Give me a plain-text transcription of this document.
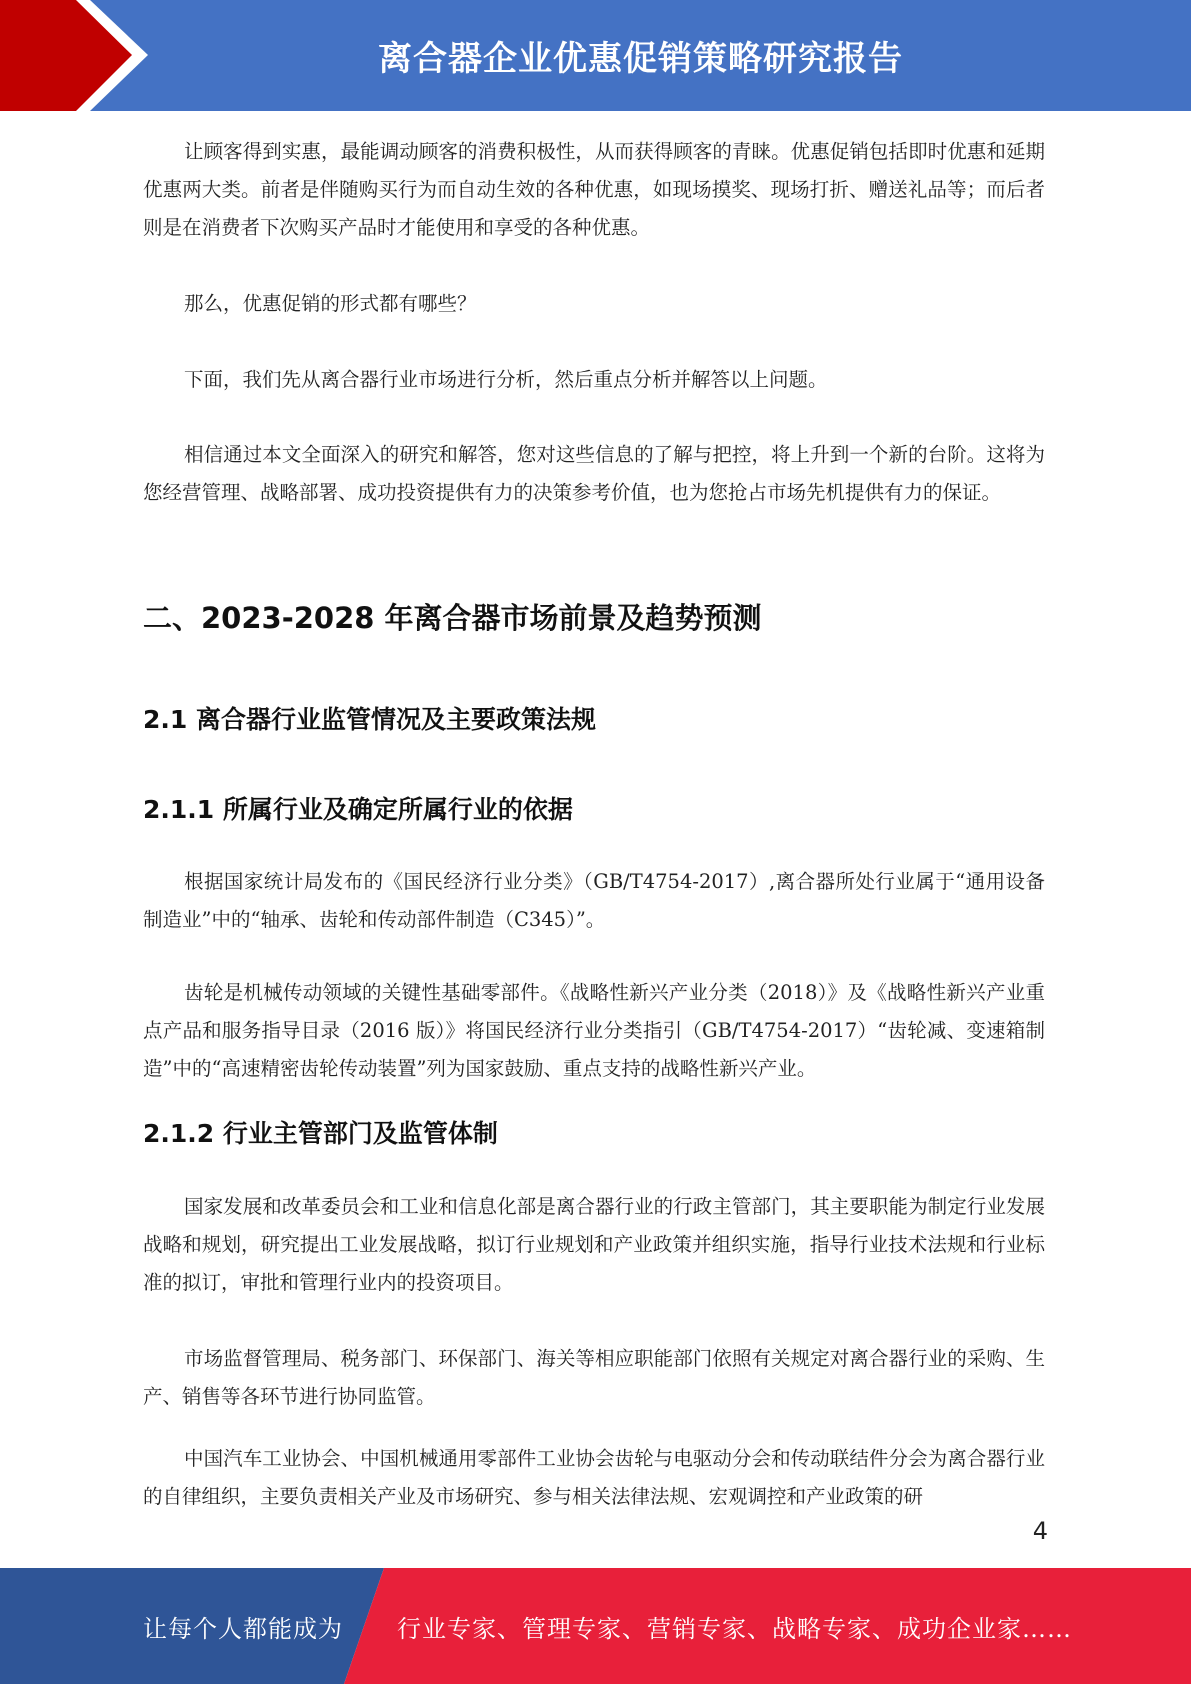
离合器企业优惠促销策略研究报告
让顾客得到实惠，最能调动顾客的消费积极性，从而获得顾客的青睐。优惠促销包括即时优惠和延期优惠两大类。前者是伴随购买行为而自动生效的各种优惠，如现场摸奖、现场打折、赠送礼品等；而后者则是在消费者下次购买产品时才能使用和享受的各种优惠。
那么，优惠促销的形式都有哪些？
下面，我们先从离合器行业市场进行分析，然后重点分析并解答以上问题。
相信通过本文全面深入的研究和解答，您对这些信息的了解与把控，将上升到一个新的台阶。这将为您经营管理、战略部署、成功投资提供有力的决策参考价值，也为您抢占市场先机提供有力的保证。
二、2023-2028 年离合器市场前景及趋势预测
2.1 离合器行业监管情况及主要政策法规
2.1.1 所属行业及确定所属行业的依据
根据国家统计局发布的《国民经济行业分类》（GB/T4754-2017）,离合器所处行业属于“通用设备制造业”中的“轴承、齿轮和传动部件制造（C345）”。
齿轮是机械传动领域的关键性基础零部件。《战略性新兴产业分类（2018）》及《战略性新兴产业重点产品和服务指导目录（2016 版）》将国民经济行业分类指引（GB/T4754-2017）“齿轮减、变速箱制造”中的“高速精密齿轮传动装置”列为国家鼓励、重点支持的战略性新兴产业。
2.1.2 行业主管部门及监管体制
国家发展和改革委员会和工业和信息化部是离合器行业的行政主管部门，其主要职能为制定行业发展战略和规划，研究提出工业发展战略，拟订行业规划和产业政策并组织实施，指导行业技术法规和行业标准的拟订，审批和管理行业内的投资项目。
市场监督管理局、税务部门、环保部门、海关等相应职能部门依照有关规定对离合器行业的采购、生产、销售等各环节进行协同监管。
中国汽车工业协会、中国机械通用零部件工业协会齿轮与电驱动分会和传动联结件分会为离合器行业的自律组织，主要负责相关产业及市场研究、参与相关法律法规、宏观调控和产业政策的研
4
让每个人都能成为 行业专家、管理专家、营销专家、战略专家、成功企业家……
